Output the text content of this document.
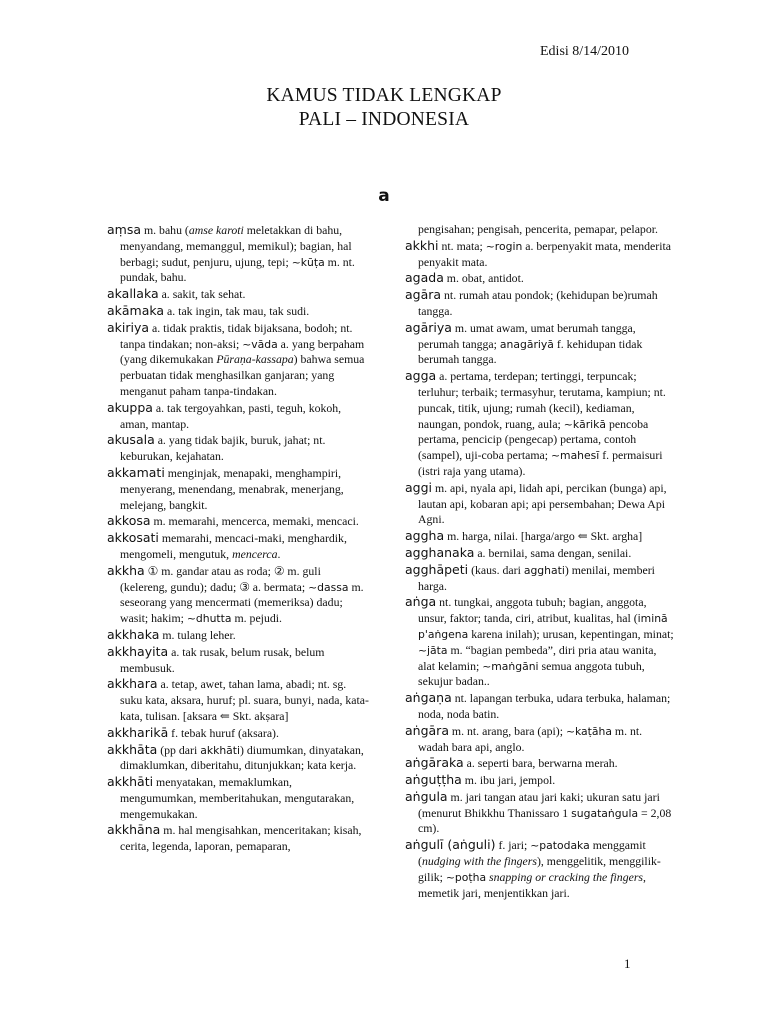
Edisi 8/14/2010
KAMUS TIDAK LENGKAP
PALI – INDONESIA
a
aṃsa m. bahu (amse karoti meletakkan di bahu, menyandang, memanggul, memikul); bagian, hal berbagi; sudut, penjuru, ujung, tepi; ~kūṭa m. nt. pundak, bahu.
akallaka a. sakit, tak sehat.
akāmaka a. tak ingin, tak mau, tak sudi.
akiriya a. tidak praktis, tidak bijaksana, bodoh; nt. tanpa tindakan; non-aksi; ~vāda a. yang berpaham (yang dikemukakan Pūraṇa-kassapa) bahwa semua perbuatan tidak menghasilkan ganjaran; yang menganut paham tanpa-tindakan.
akuppa a. tak tergoyahkan, pasti, teguh, kokoh, aman, mantap.
akusala a. yang tidak bajik, buruk, jahat; nt. keburukan, kejahatan.
akkamati menginjak, menapaki, menghampiri, menyerang, menendang, menabrak, menerjang, melejang, bangkit.
akkosa m. memarahi, mencerca, memaki, mencaci.
akkosati memarahi, mencaci-maki, menghardik, mengomeli, mengutuk, mencerca.
akkha ① m. gandar atau as roda; ② m. guli (kelereng, gundu); dadu; ③ a. bermata; ~dassa m. seseorang yang mencermati (memeriksa) dadu; wasit; hakim; ~dhutta m. pejudi.
akkhaka m. tulang leher.
akkhayita a. tak rusak, belum rusak, belum membusuk.
akkhara a. tetap, awet, tahan lama, abadi; nt. sg. suku kata, aksara, huruf; pl. suara, bunyi, nada, kata-kata, tulisan. [aksara ⇐ Skt. akṣara]
akkharikā f. tebak huruf (aksara).
akkhāta (pp dari akkhāti) diumumkan, dinyatakan, dimaklumkan, diberitahu, ditunjukkan; kata kerja.
akkhāti menyatakan, memaklumkan, mengumumkan, memberitahukan, mengutarakan, mengemukakan.
akkhāna m. hal mengisahkan, menceritakan; kisah, cerita, legenda, laporan, pemaparan,
pengisahan; pengisah, pencerita, pemapar, pelapor.
akkhi nt. mata; ~rogin a. berpenyakit mata, menderita penyakit mata.
agada m. obat, antidot.
agāra nt. rumah atau pondok; (kehidupan be)rumah tangga.
agāriya m. umat awam, umat berumah tangga, perumah tangga; anagāriyā f. kehidupan tidak berumah tangga.
agga a. pertama, terdepan; tertinggi, terpuncak; terluhur; terbaik; termasyhur, terutama, kampiun; nt. puncak, titik, ujung; rumah (kecil), kediaman, naungan, pondok, ruang, aula; ~kārikā pencoba pertama, pencicip (pengecap) pertama, contoh (sampel), uji-coba pertama; ~mahesī f. permaisuri (istri raja yang utama).
aggi m. api, nyala api, lidah api, percikan (bunga) api, lautan api, kobaran api; api persembahan; Dewa Api Agni.
aggha m. harga, nilai. [harga/argo ⇐ Skt. argha]
agghanaka a. bernilai, sama dengan, senilai.
agghāpeti (kaus. dari agghati) menilai, memberi harga.
aṅga nt. tungkai, anggota tubuh; bagian, anggota, unsur, faktor; tanda, ciri, atribut, kualitas, hal (iminā p'aṅgena karena inilah); urusan, kepentingan, minat; ~jāta m. “bagian pembeda”, diri pria atau wanita, alat kelamin; ~maṅgāni semua anggota tubuh, sekujur badan..
aṅgaṇa nt. lapangan terbuka, udara terbuka, halaman; noda, noda batin.
aṅgāra m. nt. arang, bara (api); ~kaṭāha m. nt. wadah bara api, anglo.
aṅgāraka a. seperti bara, berwarna merah.
aṅguṭṭha m. ibu jari, jempol.
aṅgula m. jari tangan atau jari kaki; ukuran satu jari (menurut Bhikkhu Thanissaro 1 sugataṅgula = 2,08 cm).
aṅgulī (aṅguli) f. jari; ~patodaka menggamit (nudging with the fingers), menggelitik, menggilik-gilik; ~poṭha snapping or cracking the fingers, memetik jari, menjentikkan jari.
1
